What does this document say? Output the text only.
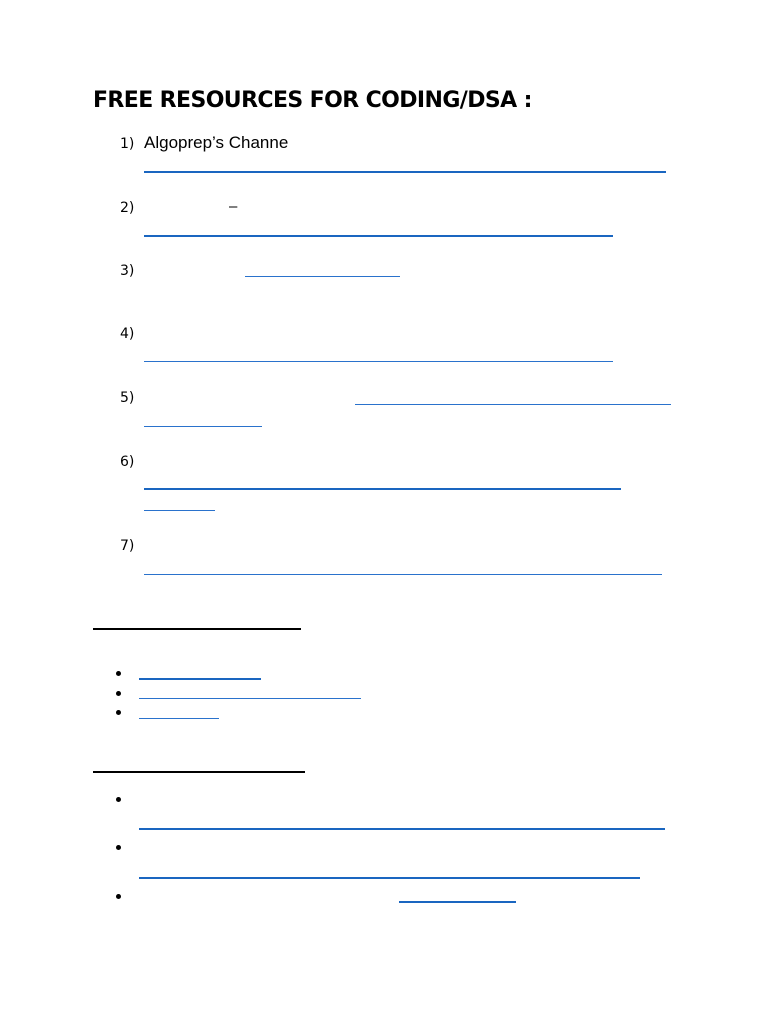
FREE RESOURCES FOR CODING/DSA :
1) Algoprep’s Channe
2)	–
3)
4)
5)
6)
7)
